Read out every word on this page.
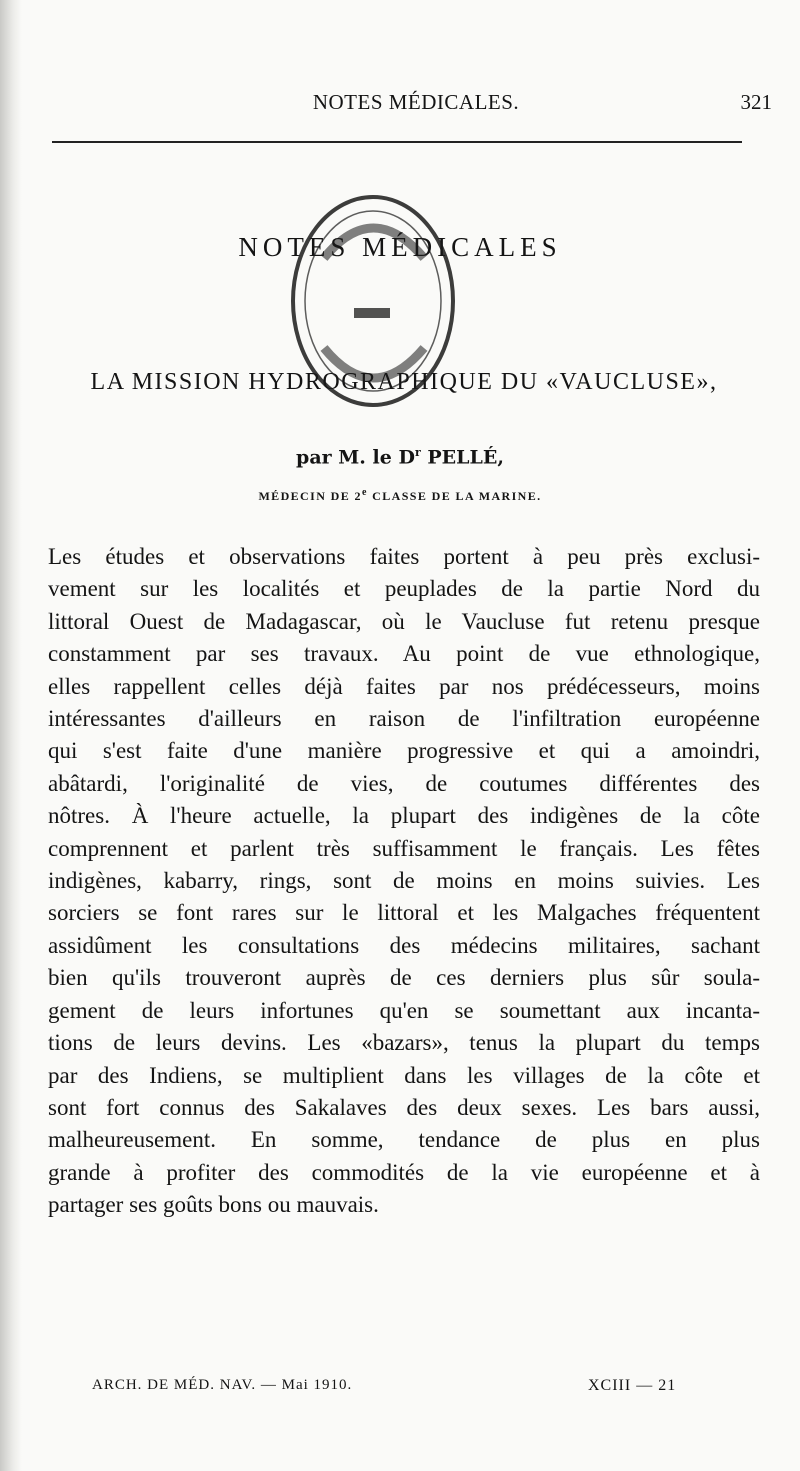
NOTES MÉDICALES.	321
NOTES MÉDICALES
LA MISSION HYDROGRAPHIQUE DU «VAUCLUSE»,
par M. le $D^r$ PELLÉ,
MÉDECIN DE 2e CLASSE DE LA MARINE.
Les études et observations faites portent à peu près exclusi-
vement sur les localités et peuplades de la partie Nord du
littoral Ouest de Madagascar, où le Vaucluse fut retenu presque
constamment par ses travaux. Au point de vue ethnologique,
elles rappellent celles déjà faites par nos prédécesseurs, moins
intéressantes d'ailleurs en raison de l'infiltration européenne
qui s'est faite d'une manière progressive et qui a amoindri,
abâtardi, l'originalité de vies, de coutumes différentes des
nôtres. À l'heure actuelle, la plupart des indigènes de la côte
comprennent et parlent très suffisamment le français. Les fêtes
indigènes, kabarry, rings, sont de moins en moins suivies. Les
sorciers se font rares sur le littoral et les Malgaches fréquentent
assidûment les consultations des médecins militaires, sachant
bien qu'ils trouveront auprès de ces derniers plus sûr soula-
gement de leurs infortunes qu'en se soumettant aux incanta-
tions de leurs devins. Les «bazars», tenus la plupart du temps
par des Indiens, se multiplient dans les villages de la côte et
sont fort connus des Sakalaves des deux sexes. Les bars aussi,
malheureusement. En somme, tendance de plus en plus
grande à profiter des commodités de la vie européenne et à
partager ses goûts bons ou mauvais.
ARCH. DE MÉD. NAV. — Mai 1910.	XCIII — 21
